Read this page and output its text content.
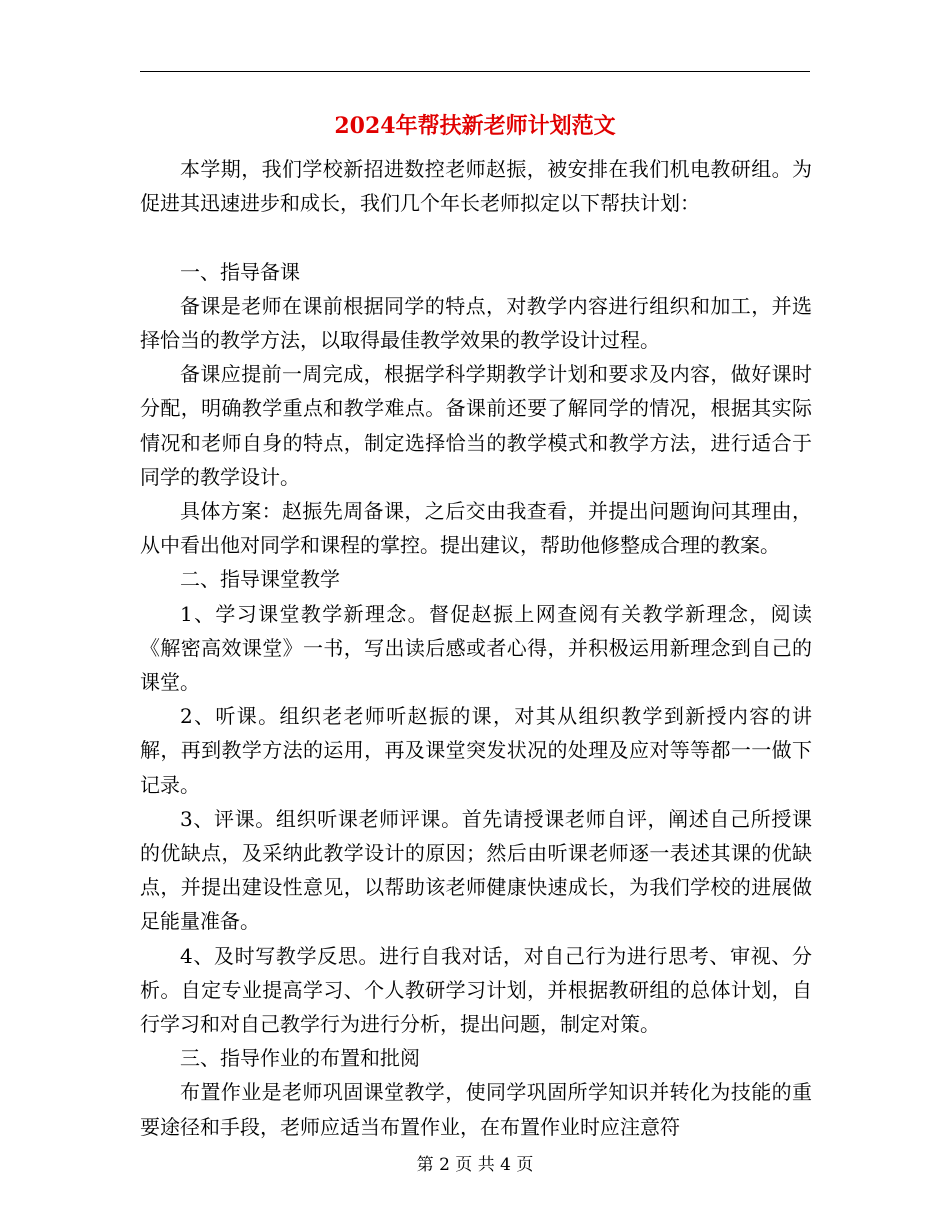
2024年帮扶新老师计划范文

本学期，我们学校新招进数控老师赵振，被安排在我们机电教研组。为促进其迅速进步和成长，我们几个年长老师拟定以下帮扶计划：

一、指导备课

备课是老师在课前根据同学的特点，对教学内容进行组织和加工，并选择恰当的教学方法，以取得最佳教学效果的教学设计过程。

备课应提前一周完成，根据学科学期教学计划和要求及内容，做好课时分配，明确教学重点和教学难点。备课前还要了解同学的情况，根据其实际情况和老师自身的特点，制定选择恰当的教学模式和教学方法，进行适合于同学的教学设计。

具体方案：赵振先周备课，之后交由我查看，并提出问题询问其理由，从中看出他对同学和课程的掌控。提出建议，帮助他修整成合理的教案。

二、指导课堂教学

1、学习课堂教学新理念。督促赵振上网查阅有关教学新理念，阅读《解密高效课堂》一书，写出读后感或者心得，并积极运用新理念到自己的课堂。

2、听课。组织老老师听赵振的课，对其从组织教学到新授内容的讲解，再到教学方法的运用，再及课堂突发状况的处理及应对等等都一一做下记录。

3、评课。组织听课老师评课。首先请授课老师自评，阐述自己所授课的优缺点，及采纳此教学设计的原因；然后由听课老师逐一表述其课的优缺点，并提出建设性意见，以帮助该老师健康快速成长，为我们学校的进展做足能量准备。

4、及时写教学反思。进行自我对话，对自己行为进行思考、审视、分析。自定专业提高学习、个人教研学习计划，并根据教研组的总体计划，自行学习和对自己教学行为进行分析，提出问题，制定对策。

三、指导作业的布置和批阅

布置作业是老师巩固课堂教学，使同学巩固所学知识并转化为技能的重要途径和手段，老师应适当布置作业，在布置作业时应注意符

第 2 页 共 4 页
